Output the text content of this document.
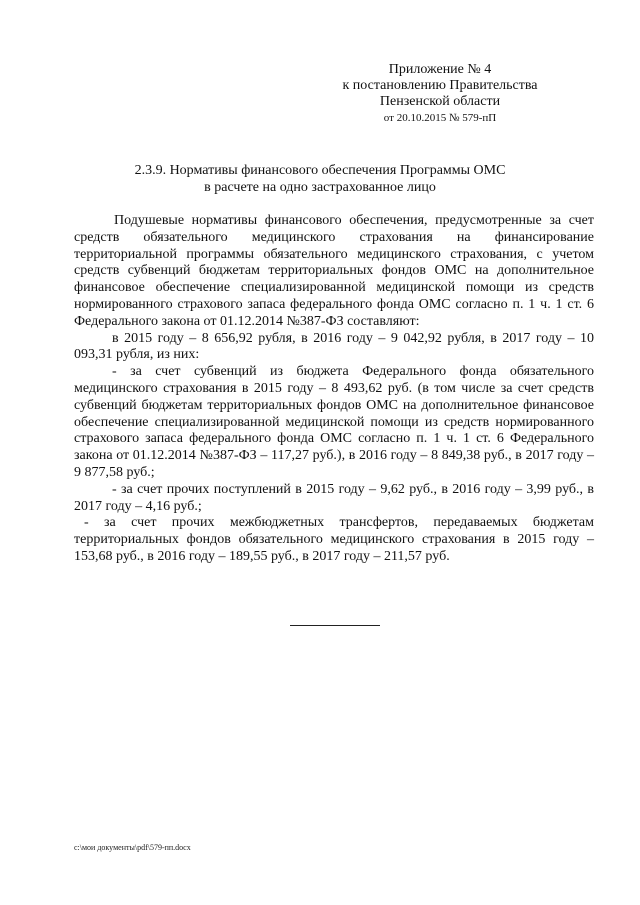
Приложение № 4
к постановлению Правительства
Пензенской области
от 20.10.2015 № 579-пП
2.3.9. Нормативы финансового обеспечения Программы ОМС
в расчете на одно застрахованное лицо

Подушевые нормативы финансового обеспечения, предусмотренные за счет средств обязательного медицинского страхования на финансирование территориальной программы обязательного медицинского страхования, с учетом средств субвенций бюджетам территориальных фондов ОМС на дополнительное финансовое обеспечение специализированной медицинской помощи из средств нормированного страхового запаса федерального фонда ОМС согласно п. 1 ч. 1 ст. 6 Федерального закона от 01.12.2014 №387-ФЗ составляют:

в 2015 году – 8 656,92 рубля, в 2016 году – 9 042,92 рубля, в 2017 году – 10 093,31 рубля, из них:

- за счет субвенций из бюджета Федерального фонда обязательного медицинского страхования в 2015 году – 8 493,62 руб. (в том числе за счет средств субвенций бюджетам территориальных фондов ОМС на дополнительное финансовое обеспечение специализированной медицинской помощи из средств нормированного страхового запаса федерального фонда ОМС согласно п. 1 ч. 1 ст. 6 Федерального закона от 01.12.2014 №387-ФЗ – 117,27 руб.), в 2016 году – 8 849,38 руб., в 2017 году – 9 877,58 руб.;

- за счет прочих поступлений в 2015 году – 9,62 руб., в 2016 году – 3,99 руб., в 2017 году – 4,16 руб.;

- за счет прочих межбюджетных трансфертов, передаваемых бюджетам территориальных фондов обязательного медицинского страхования в 2015 году – 153,68 руб., в 2016 году – 189,55 руб., в 2017 году – 211,57 руб.

c:\мои документы\pdf\579-пп.docx
